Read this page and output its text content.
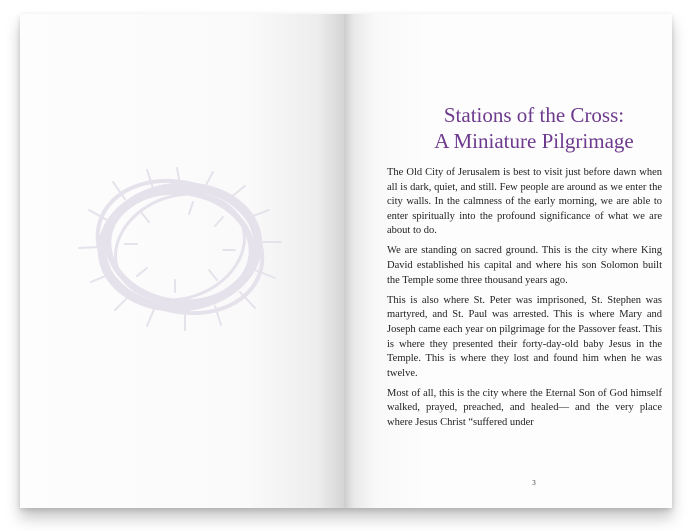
Stations of the Cross:
A Miniature Pilgrimage

The Old City of Jerusalem is best to visit just before dawn when all is dark, quiet, and still. Few people are around as we enter the city walls. In the calmness of the early morning, we are able to enter spiritually into the profound significance of what we are about to do.

We are standing on sacred ground. This is the city where King David established his capital and where his son Solomon built the Temple some three thousand years ago.

This is also where St. Peter was imprisoned, St. Stephen was martyred, and St. Paul was arrested. This is where Mary and Joseph came each year on pilgrimage for the Passover feast. This is where they presented their forty-day-old baby Jesus in the Temple. This is where they lost and found him when he was twelve.

Most of all, this is the city where the Eternal Son of God himself walked, prayed, preached, and healed— and the very place where Jesus Christ “suffered under

3
